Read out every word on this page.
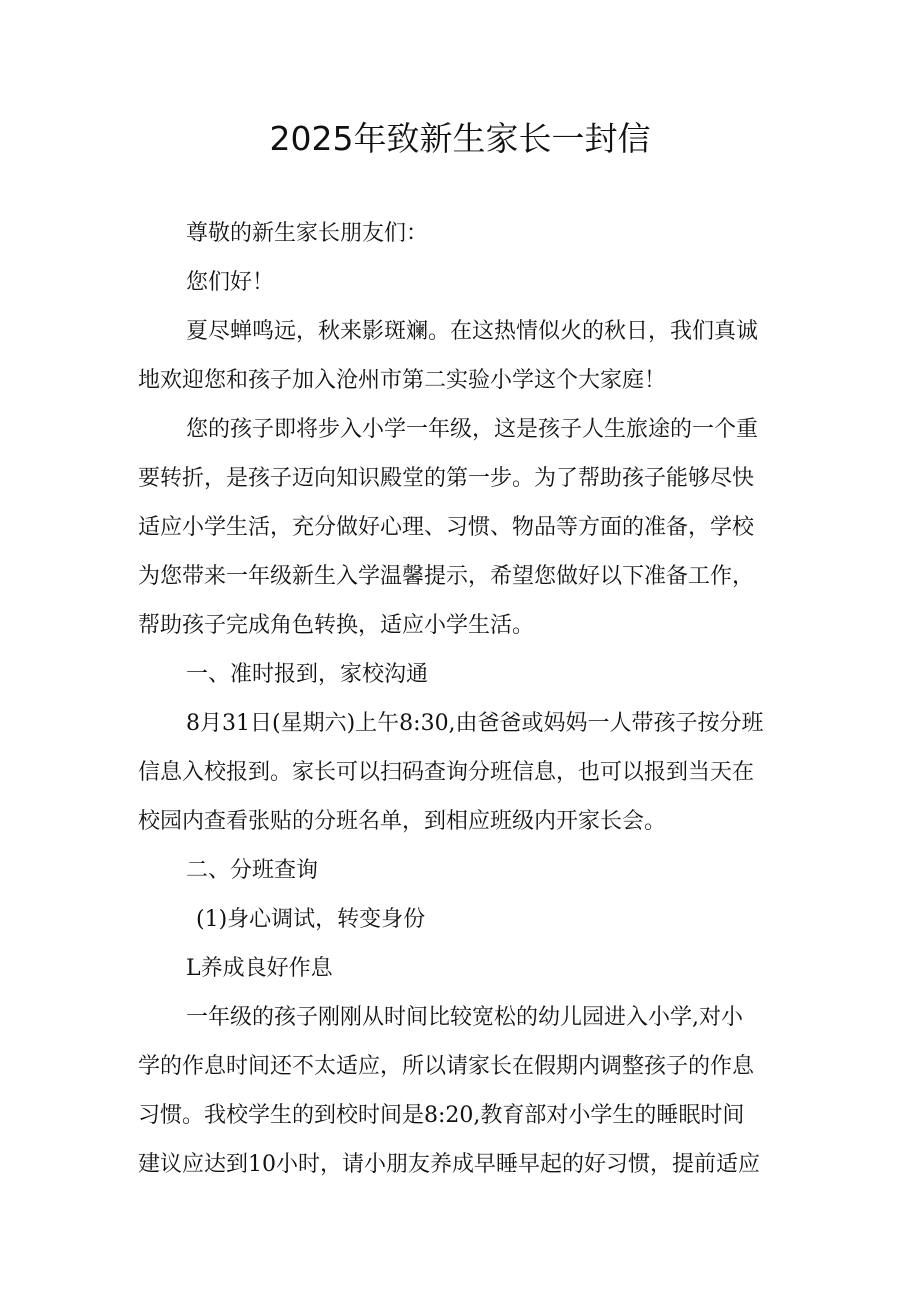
2025年致新生家长一封信

尊敬的新生家长朋友们：

您们好！

夏尽蝉鸣远，秋来影斑斓。在这热情似火的秋日，我们真诚

地欢迎您和孩子加入沧州市第二实验小学这个大家庭！

您的孩子即将步入小学一年级，这是孩子人生旅途的一个重

要转折，是孩子迈向知识殿堂的第一步。为了帮助孩子能够尽快

适应小学生活，充分做好心理、习惯、物品等方面的准备，学校

为您带来一年级新生入学温馨提示，希望您做好以下准备工作，

帮助孩子完成角色转换，适应小学生活。

一、准时报到，家校沟通

8月31日(星期六)上午8:30,由爸爸或妈妈一人带孩子按分班

信息入校报到。家长可以扫码查询分班信息，也可以报到当天在

校园内查看张贴的分班名单，到相应班级内开家长会。

二、分班查询

(1)身心调试，转变身份

L养成良好作息

一年级的孩子刚刚从时间比较宽松的幼儿园进入小学,对小

学的作息时间还不太适应，所以请家长在假期内调整孩子的作息

习惯。我校学生的到校时间是8:20,教育部对小学生的睡眠时间

建议应达到10小时，请小朋友养成早睡早起的好习惯，提前适应
